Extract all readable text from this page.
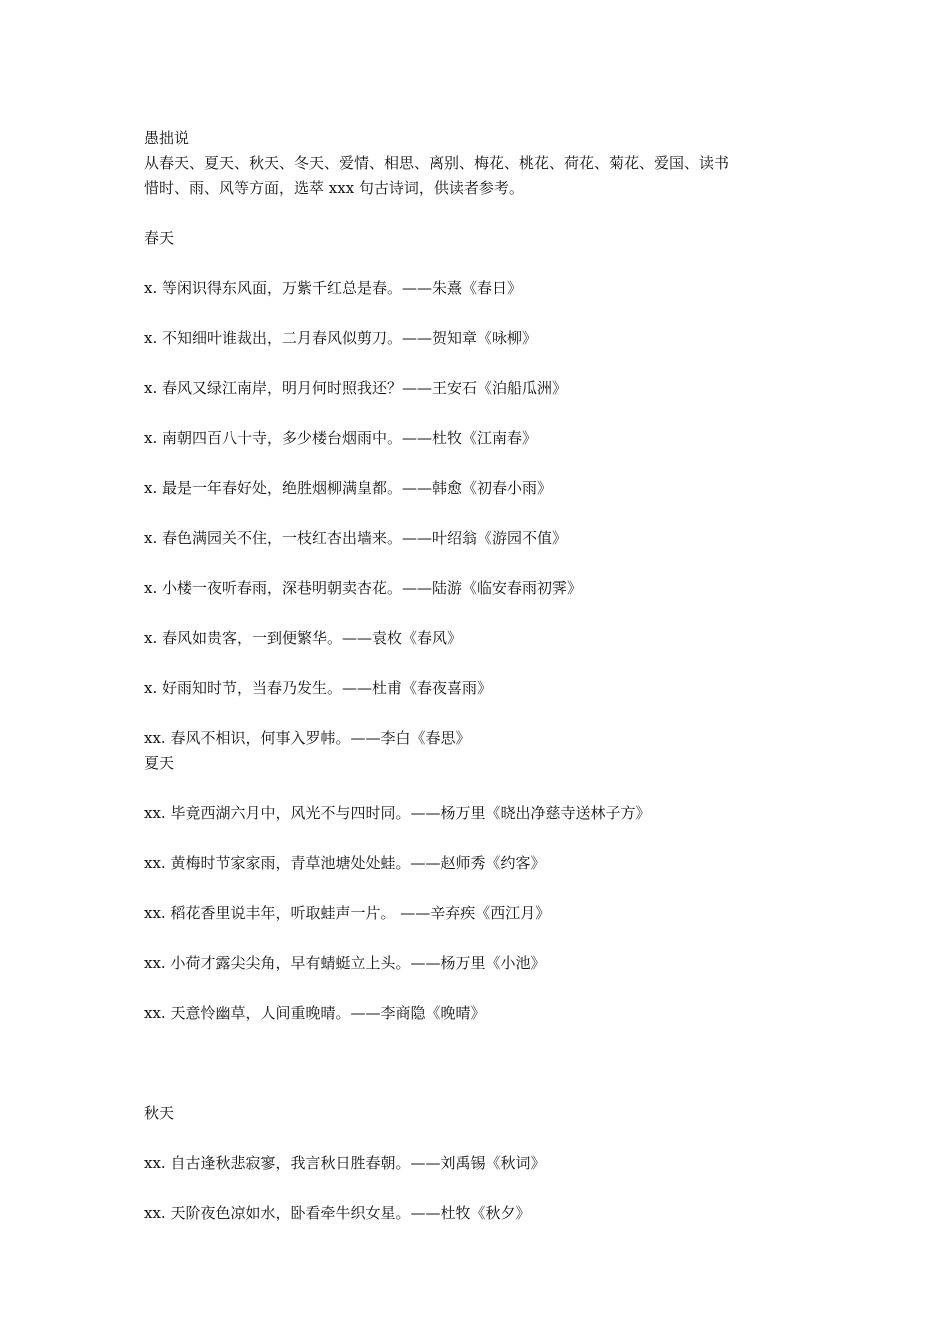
愚拙说
从春天、夏天、秋天、冬天、爱情、相思、离别、梅花、桃花、荷花、菊花、爱国、读书
惜时、雨、风等方面，选萃 xxx 句古诗词，供读者参考。
春天
x. 等闲识得东风面，万紫千红总是春。——朱熹《春日》
x. 不知细叶谁裁出，二月春风似剪刀。——贺知章《咏柳》
x. 春风又绿江南岸，明月何时照我还？——王安石《泊船瓜洲》
x. 南朝四百八十寺，多少楼台烟雨中。——杜牧《江南春》
x. 最是一年春好处，绝胜烟柳满皇都。——韩愈《初春小雨》
x. 春色满园关不住，一枝红杏出墙来。——叶绍翁《游园不值》
x. 小楼一夜听春雨，深巷明朝卖杏花。——陆游《临安春雨初霁》
x. 春风如贵客，一到便繁华。——袁枚《春风》
x. 好雨知时节，当春乃发生。——杜甫《春夜喜雨》
xx. 春风不相识，何事入罗帏。——李白《春思》
夏天
xx. 毕竟西湖六月中，风光不与四时同。——杨万里《晓出净慈寺送林子方》
xx. 黄梅时节家家雨，青草池塘处处蛙。——赵师秀《约客》
xx. 稻花香里说丰年，听取蛙声一片。 ——辛弃疾《西江月》
xx. 小荷才露尖尖角，早有蜻蜓立上头。——杨万里《小池》
xx. 天意怜幽草，人间重晚晴。——李商隐《晚晴》
秋天
xx. 自古逢秋悲寂寥，我言秋日胜春朝。——刘禹锡《秋词》
xx. 天阶夜色凉如水，卧看牵牛织女星。——杜牧《秋夕》
